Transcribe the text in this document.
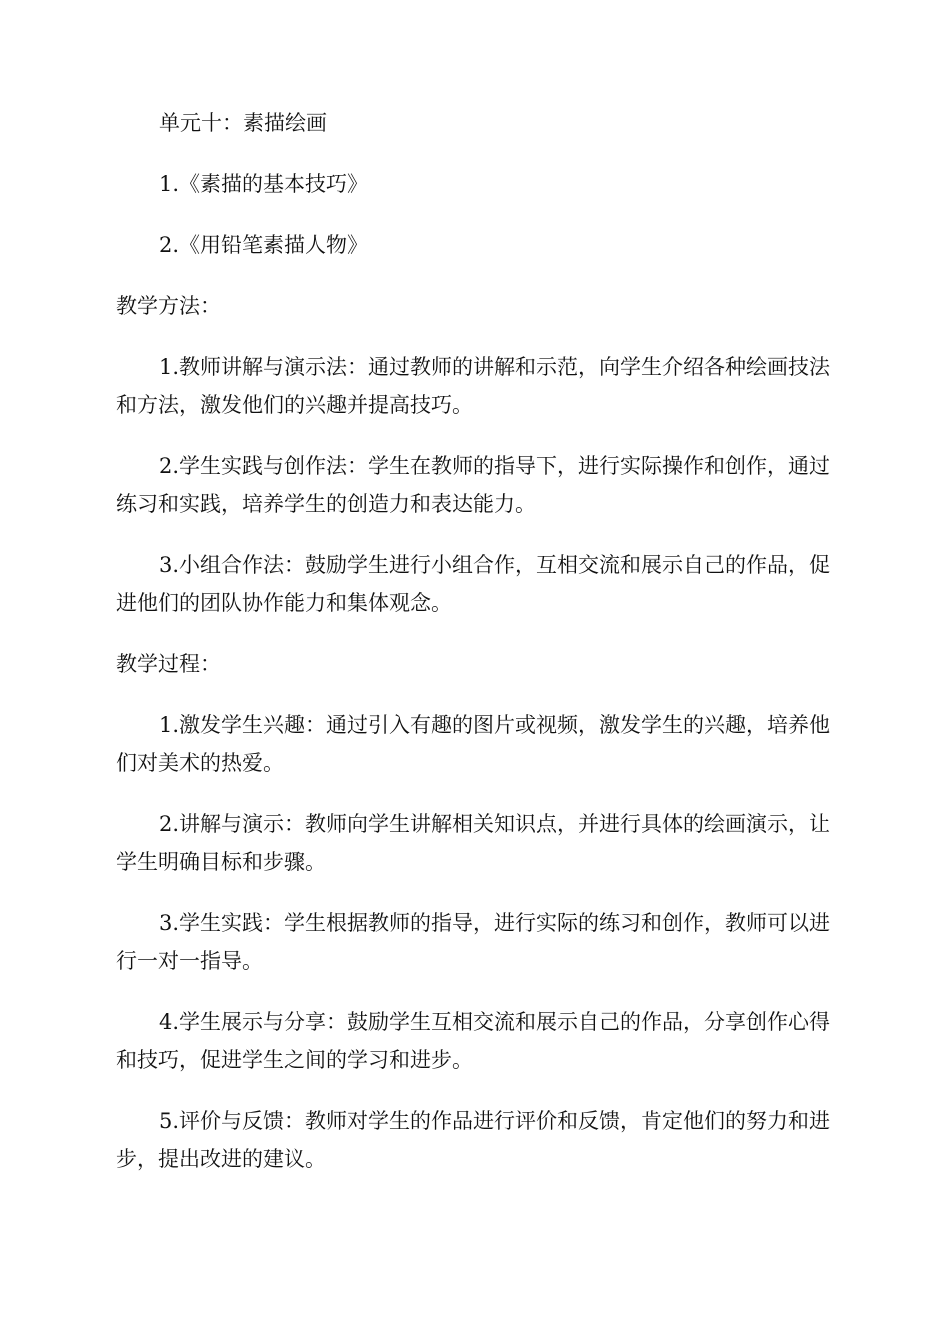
单元十：素描绘画

1.《素描的基本技巧》

2.《用铅笔素描人物》

教学方法：

1.教师讲解与演示法：通过教师的讲解和示范，向学生介绍各种绘画技法和方法，激发他们的兴趣并提高技巧。

2.学生实践与创作法：学生在教师的指导下，进行实际操作和创作，通过练习和实践，培养学生的创造力和表达能力。

3.小组合作法：鼓励学生进行小组合作，互相交流和展示自己的作品，促进他们的团队协作能力和集体观念。

教学过程：

1.激发学生兴趣：通过引入有趣的图片或视频，激发学生的兴趣，培养他们对美术的热爱。

2.讲解与演示：教师向学生讲解相关知识点，并进行具体的绘画演示，让学生明确目标和步骤。

3.学生实践：学生根据教师的指导，进行实际的练习和创作，教师可以进行一对一指导。

4.学生展示与分享：鼓励学生互相交流和展示自己的作品，分享创作心得和技巧，促进学生之间的学习和进步。

5.评价与反馈：教师对学生的作品进行评价和反馈，肯定他们的努力和进步，提出改进的建议。
